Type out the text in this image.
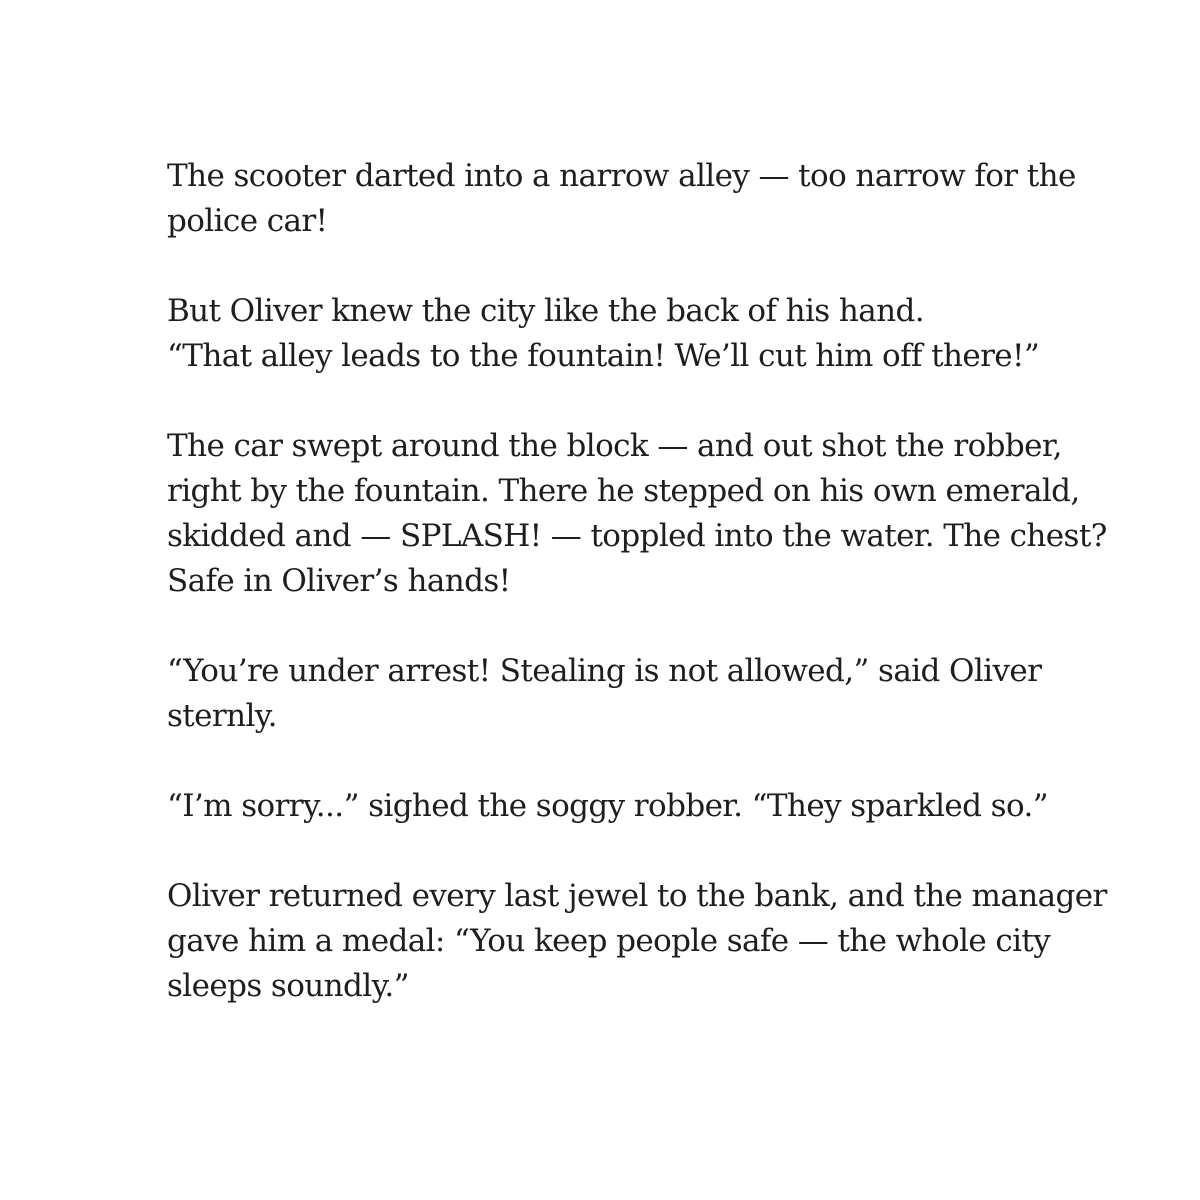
The scooter darted into a narrow alley — too narrow for the
police car!

But Oliver knew the city like the back of his hand.
“That alley leads to the fountain! We’ll cut him off there!”

The car swept around the block — and out shot the robber,
right by the fountain. There he stepped on his own emerald,
skidded and — SPLASH! — toppled into the water. The chest?
Safe in Oliver’s hands!

“You’re under arrest! Stealing is not allowed,” said Oliver
sternly.

“I’m sorry...” sighed the soggy robber. “They sparkled so.”

Oliver returned every last jewel to the bank, and the manager
gave him a medal: “You keep people safe — the whole city
sleeps soundly.”
